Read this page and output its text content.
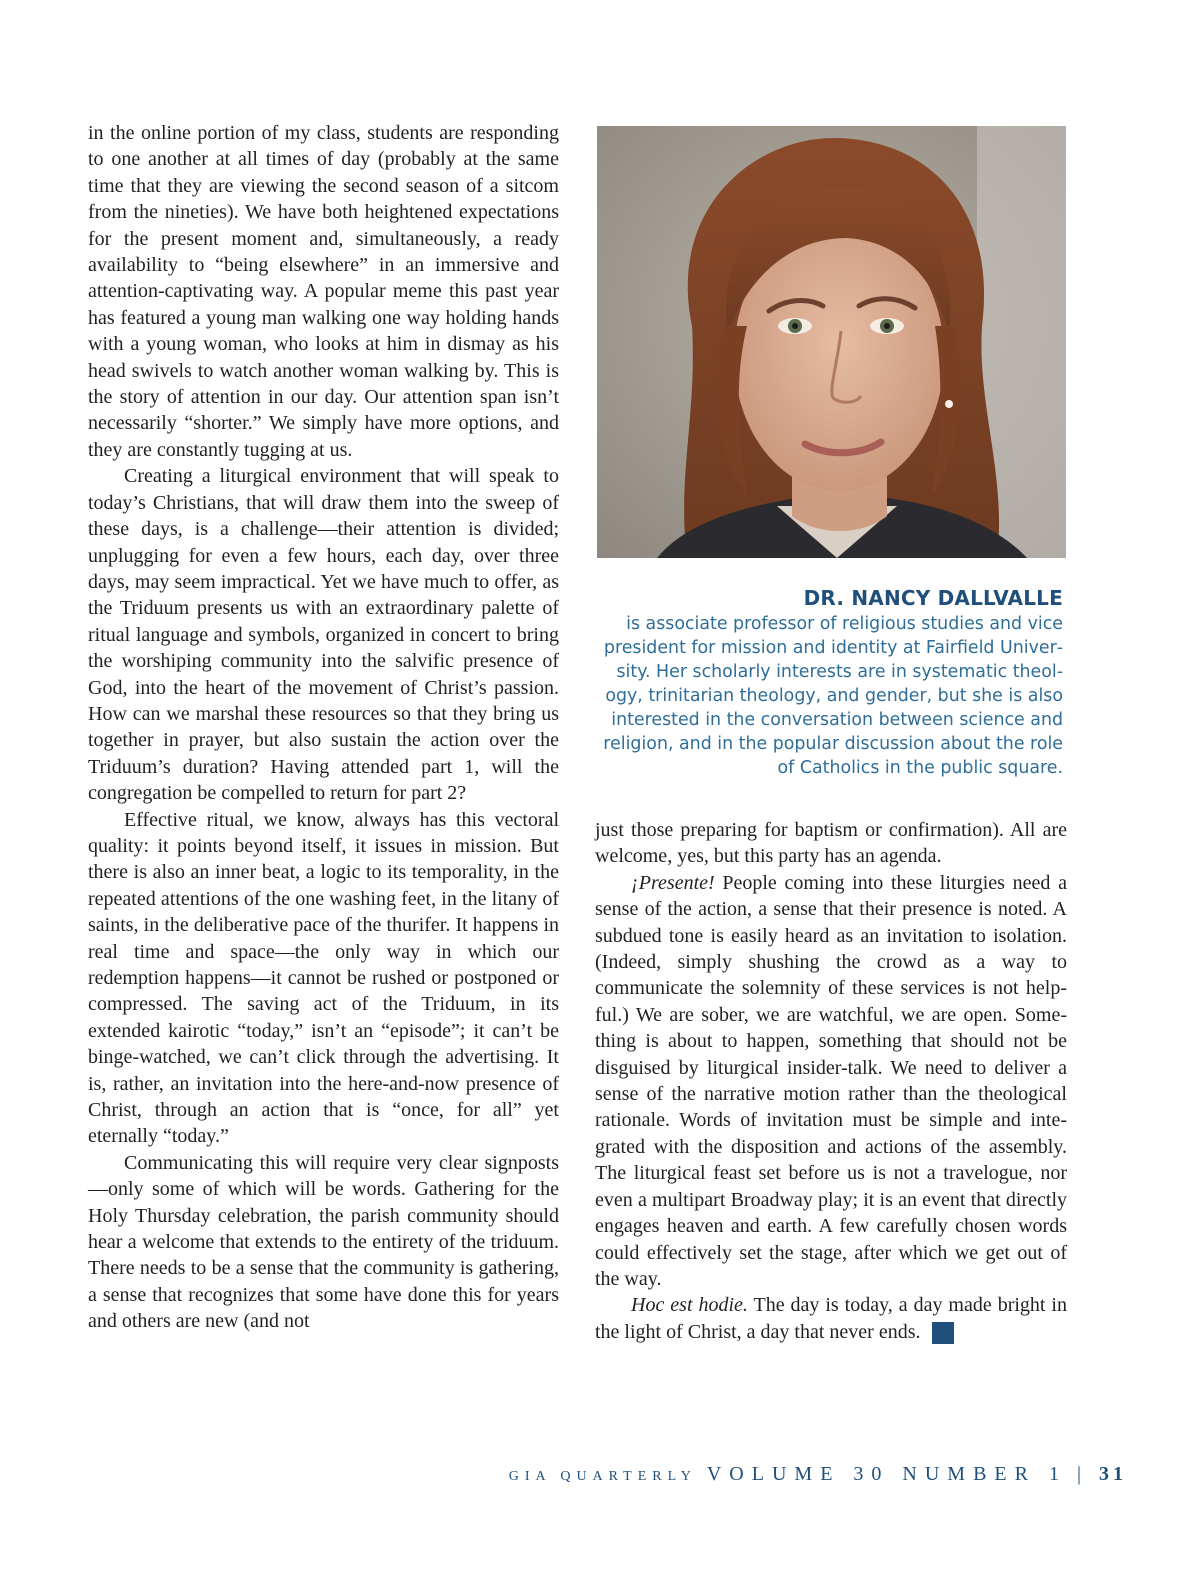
in the online portion of my class, students are responding to one another at all times of day (probably at the same time that they are viewing the second season of a sitcom from the nineties). We have both heightened expectations for the present moment and, simultaneously, a ready availability to “being elsewhere” in an immersive and attention-captivating way. A popular meme this past year has featured a young man walking one way holding hands with a young woman, who looks at him in dismay as his head swivels to watch another woman walking by. This is the story of attention in our day. Our attention span isn’t necessarily “shorter.” We simply have more options, and they are constantly tugging at us.

Creating a liturgical environment that will speak to today’s Christians, that will draw them into the sweep of these days, is a challenge—their attention is divided; unplugging for even a few hours, each day, over three days, may seem impractical. Yet we have much to offer, as the Triduum presents us with an extraordinary palette of ritual language and symbols, organized in concert to bring the worshiping community into the salvific presence of God, into the heart of the movement of Christ’s passion. How can we marshal these resources so that they bring us together in prayer, but also sustain the action over the Triduum’s duration? Having attended part 1, will the congregation be compelled to return for part 2?

Effective ritual, we know, always has this vectoral quality: it points beyond itself, it issues in mission. But there is also an inner beat, a logic to its temporality, in the repeated attentions of the one washing feet, in the litany of saints, in the deliberative pace of the thurifer. It happens in real time and space—the only way in which our redemption happens—it cannot be rushed or postponed or compressed. The saving act of the Triduum, in its extended kairotic “today,” isn’t an “episode”; it can’t be binge-watched, we can’t click through the advertising. It is, rather, an invitation into the here-and-now presence of Christ, through an action that is “once, for all” yet eternally “today.”

Communicating this will require very clear signposts—only some of which will be words. Gathering for the Holy Thursday celebration, the parish community should hear a welcome that extends to the entirety of the triduum. There needs to be a sense that the community is gathering, a sense that recognizes that some have done this for years and others are new (and not

DR. NANCY DALLVALLE
is associate professor of religious studies and vice president for mission and identity at Fairfield University. Her scholarly interests are in systematic theology, trinitarian theology, and gender, but she is also interested in the conversation between science and religion, and in the popular discussion about the role of Catholics in the public square.

just those preparing for baptism or confirmation). All are welcome, yes, but this party has an agenda.

¡Presente! People coming into these liturgies need a sense of the action, a sense that their presence is noted. A subdued tone is easily heard as an invitation to isolation. (Indeed, simply shushing the crowd as a way to communicate the solemnity of these services is not helpful.) We are sober, we are watchful, we are open. Something is about to happen, something that should not be disguised by liturgical insider-talk. We need to deliver a sense of the narrative motion rather than the theological rationale. Words of invitation must be simple and integrated with the disposition and actions of the assembly. The liturgical feast set before us is not a travelogue, nor even a multipart Broadway play; it is an event that directly engages heaven and earth. A few carefully chosen words could effectively set the stage, after which we get out of the way.

Hoc est hodie. The day is today, a day made bright in the light of Christ, a day that never ends.

GIA QUARTERLY VOLUME 30 NUMBER 1 | 31
